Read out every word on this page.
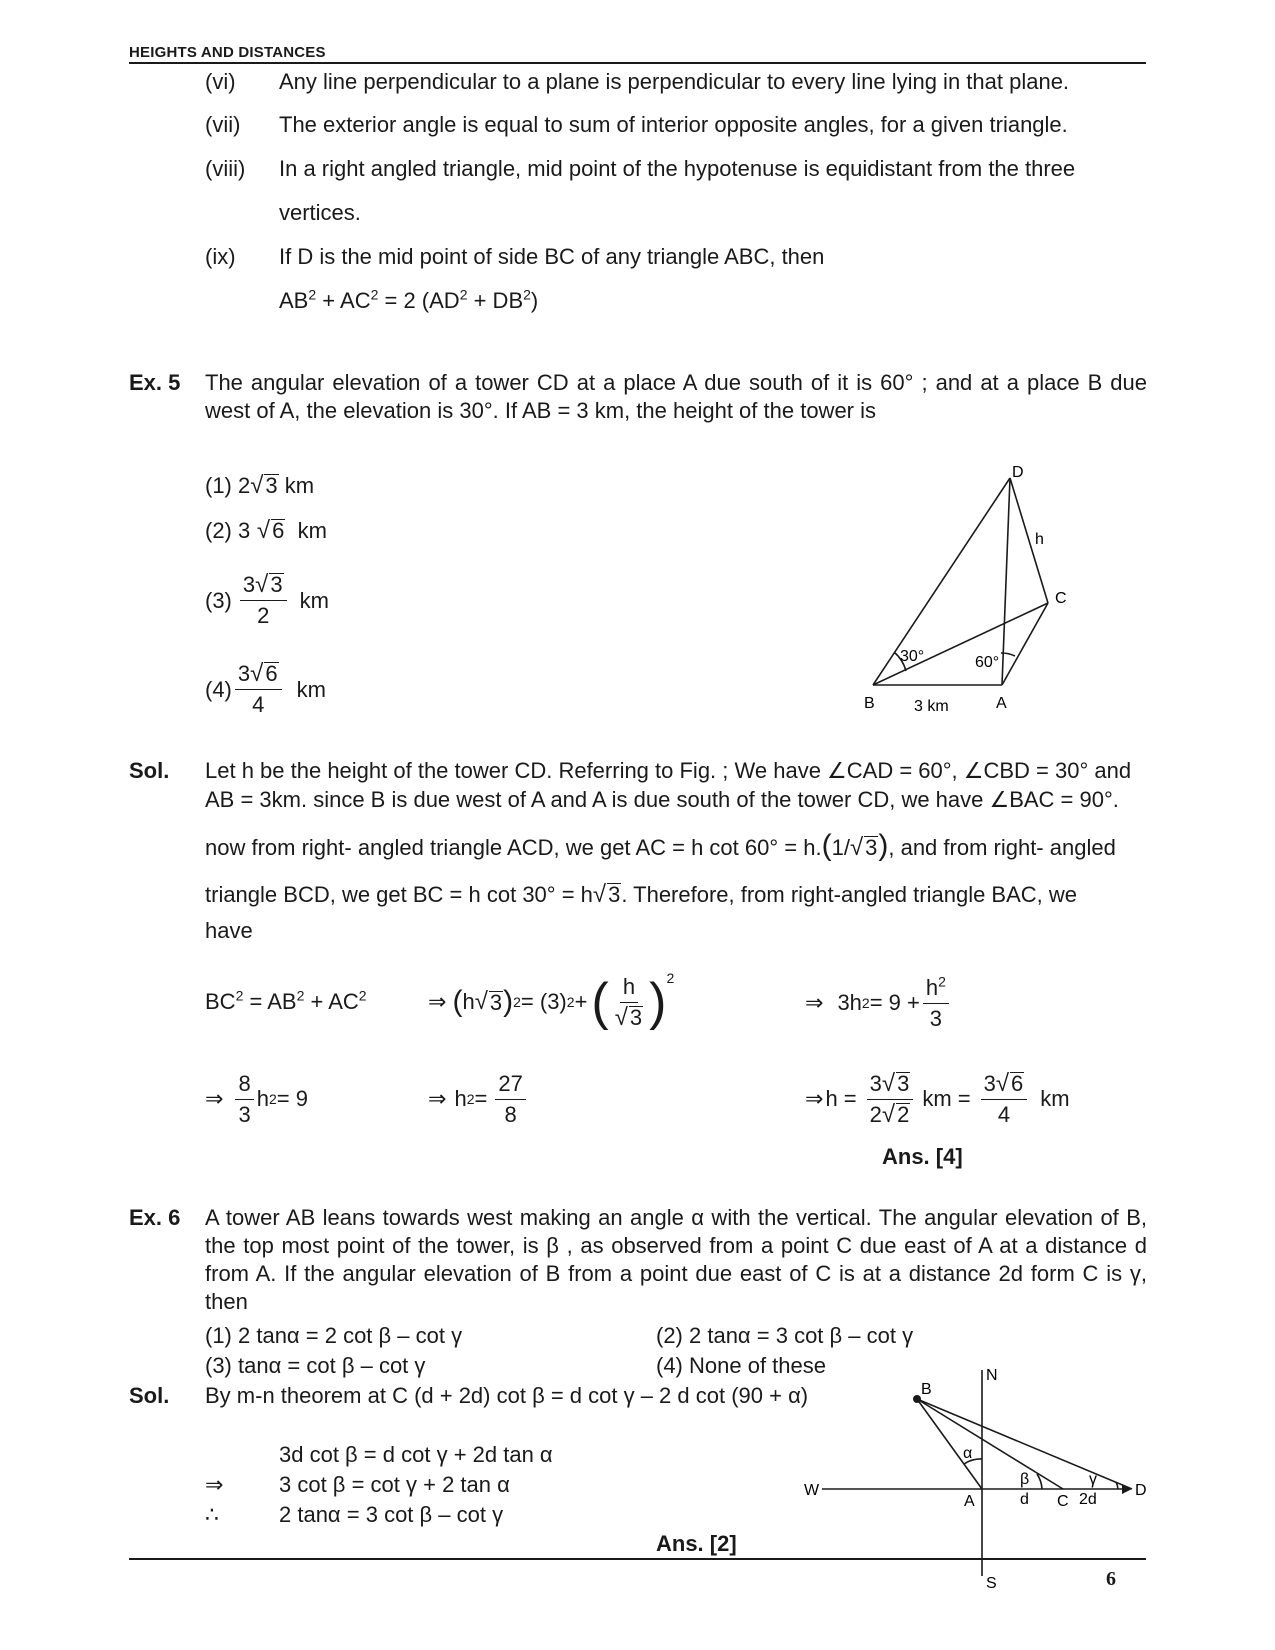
HEIGHTS AND DISTANCES
(vi) Any line perpendicular to a plane is perpendicular to every line lying in that plane.
(vii) The exterior angle is equal to sum of interior opposite angles, for a given triangle.
(viii) In a right angled triangle, mid point of the hypotenuse is equidistant from the three
vertices.
(ix) If D is the mid point of side BC of any triangle ABC, then
$AB^2 + AC^2 = 2$ $(AD^2 + DB^2)$
Ex. 5 The angular elevation of a tower CD at a place A due south of it is 60° ; and at a place B due west of A, the elevation is 30°. If AB = 3 km, the height of the tower is
(1) 2√3 km
(2) 3 √6 km
$(3) \frac{3√3}{2}$ km
$(4) \frac{3√6}{4}$ km
D
C
B	A
h
30°	60°
3 km
Sol. Let h be the height of the tower CD. Referring to Fig. ; We have ∠CAD = 60°, ∠CBD = 30° and
AB = 3km. since B is due west of A and A is due south of the tower CD, we have ∠BAC = 90°.
now from right- angled triangle ACD, we get AC = h cot 60° = h.(1/√3), and from right- angled
triangle BCD, we get BC = h cot 30° = h√3. Therefore, from right-angled triangle BAC, we
have
$BC^2 = AB^2 + AC^2$	⇒ ( h √ 3 ) 2 = (3) 2 + ( $\frac{h}{√3}$ ) 2
⇒ 3h $2 = 9 + \frac{h^2}{3}$
⇒ $\frac{8}{3}$ h 2 = 9	⇒ h $2 = \frac{27}{8}$	⇒ $h = \frac{3√3}{2√2}$ km = $\frac{3√6}{4}$ km
Ans. [4]
Ex. 6 A tower AB leans towards west making an angle α with the vertical. The angular elevation of B, the top most point of the tower, is β , as observed from a point C due east of A at a distance d from A. If the angular elevation of B from a point due east of C is at a distance 2d form C is γ, then
(1) 2 tanα = 2 cot β – cot γ	(2) 2 tanα = 3 cot β – cot γ
(3) tanα = cot β – cot γ	(4) None of these
Sol. By m-n theorem at C (d + 2d) cot β = d cot γ – 2 d cot (90 + α)
3d cot β = d cot γ + 2d tan α
⇒	3 cot β = cot γ + 2 tan α
∴	2 tanα = 3 cot β – cot γ
Ans. [2]
N
S
W	D
B
A	C
α
β	γ
d	2d
6
